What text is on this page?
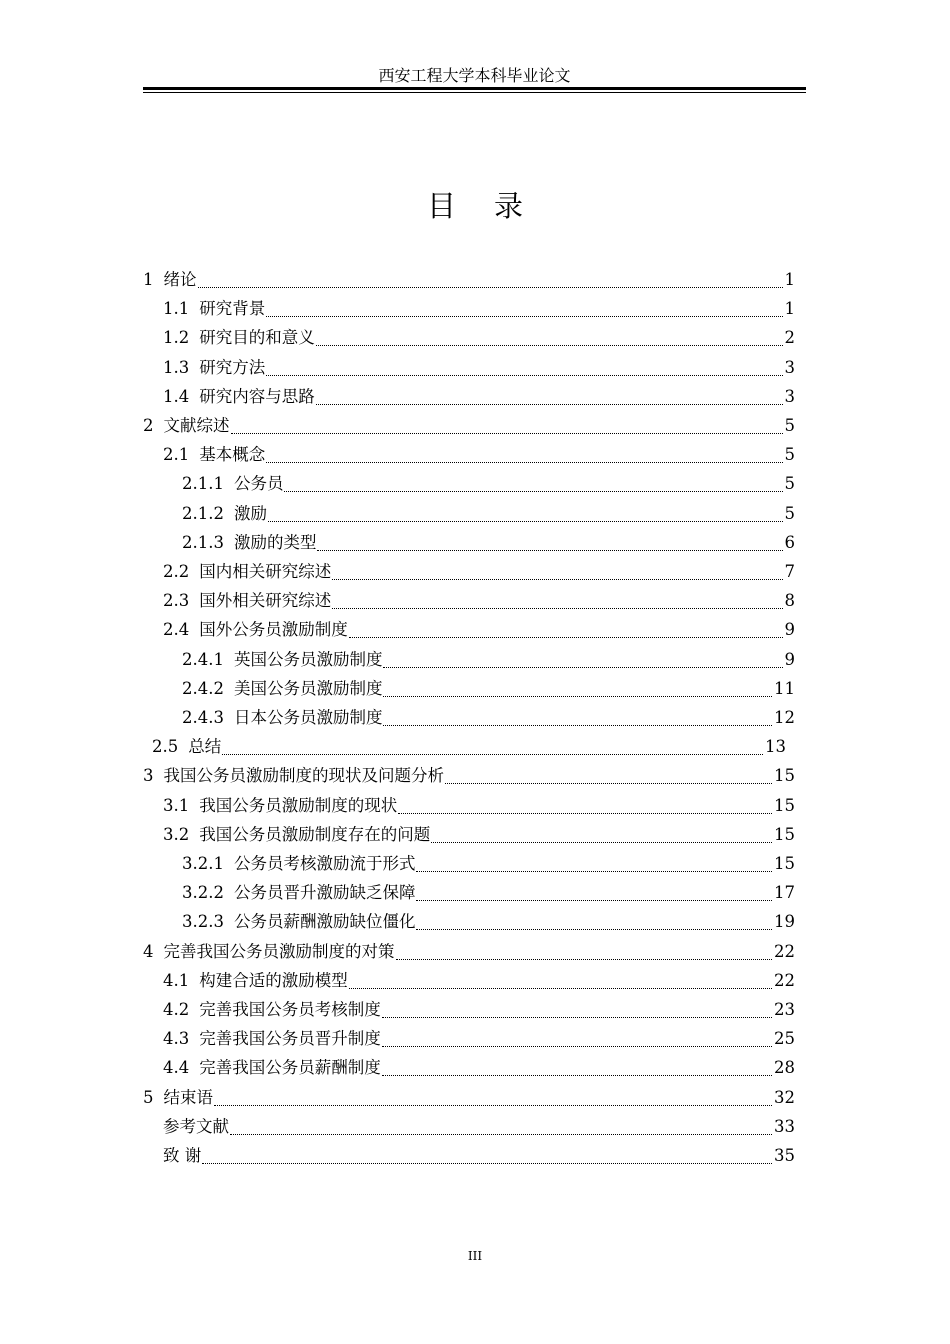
西安工程大学本科毕业论文
目录
1 绪论	1
1.1 研究背景	1
1.2 研究目的和意义	2
1.3 研究方法	3
1.4 研究内容与思路	3
2 文献综述	5
2.1 基本概念	5
2.1.1 公务员	5
2.1.2 激励	5
2.1.3 激励的类型	6
2.2 国内相关研究综述	7
2.3 国外相关研究综述	8
2.4 国外公务员激励制度	9
2.4.1 英国公务员激励制度	9
2.4.2 美国公务员激励制度	11
2.4.3 日本公务员激励制度	12
2.5 总结	13
3 我国公务员激励制度的现状及问题分析	15
3.1 我国公务员激励制度的现状	15
3.2 我国公务员激励制度存在的问题	15
3.2.1 公务员考核激励流于形式	15
3.2.2 公务员晋升激励缺乏保障	17
3.2.3 公务员薪酬激励缺位僵化	19
4 完善我国公务员激励制度的对策	22
4.1 构建合适的激励模型	22
4.2 完善我国公务员考核制度	23
4.3 完善我国公务员晋升制度	25
4.4 完善我国公务员薪酬制度	28
5 结束语	32
参考文献	33
致 谢	35
III
